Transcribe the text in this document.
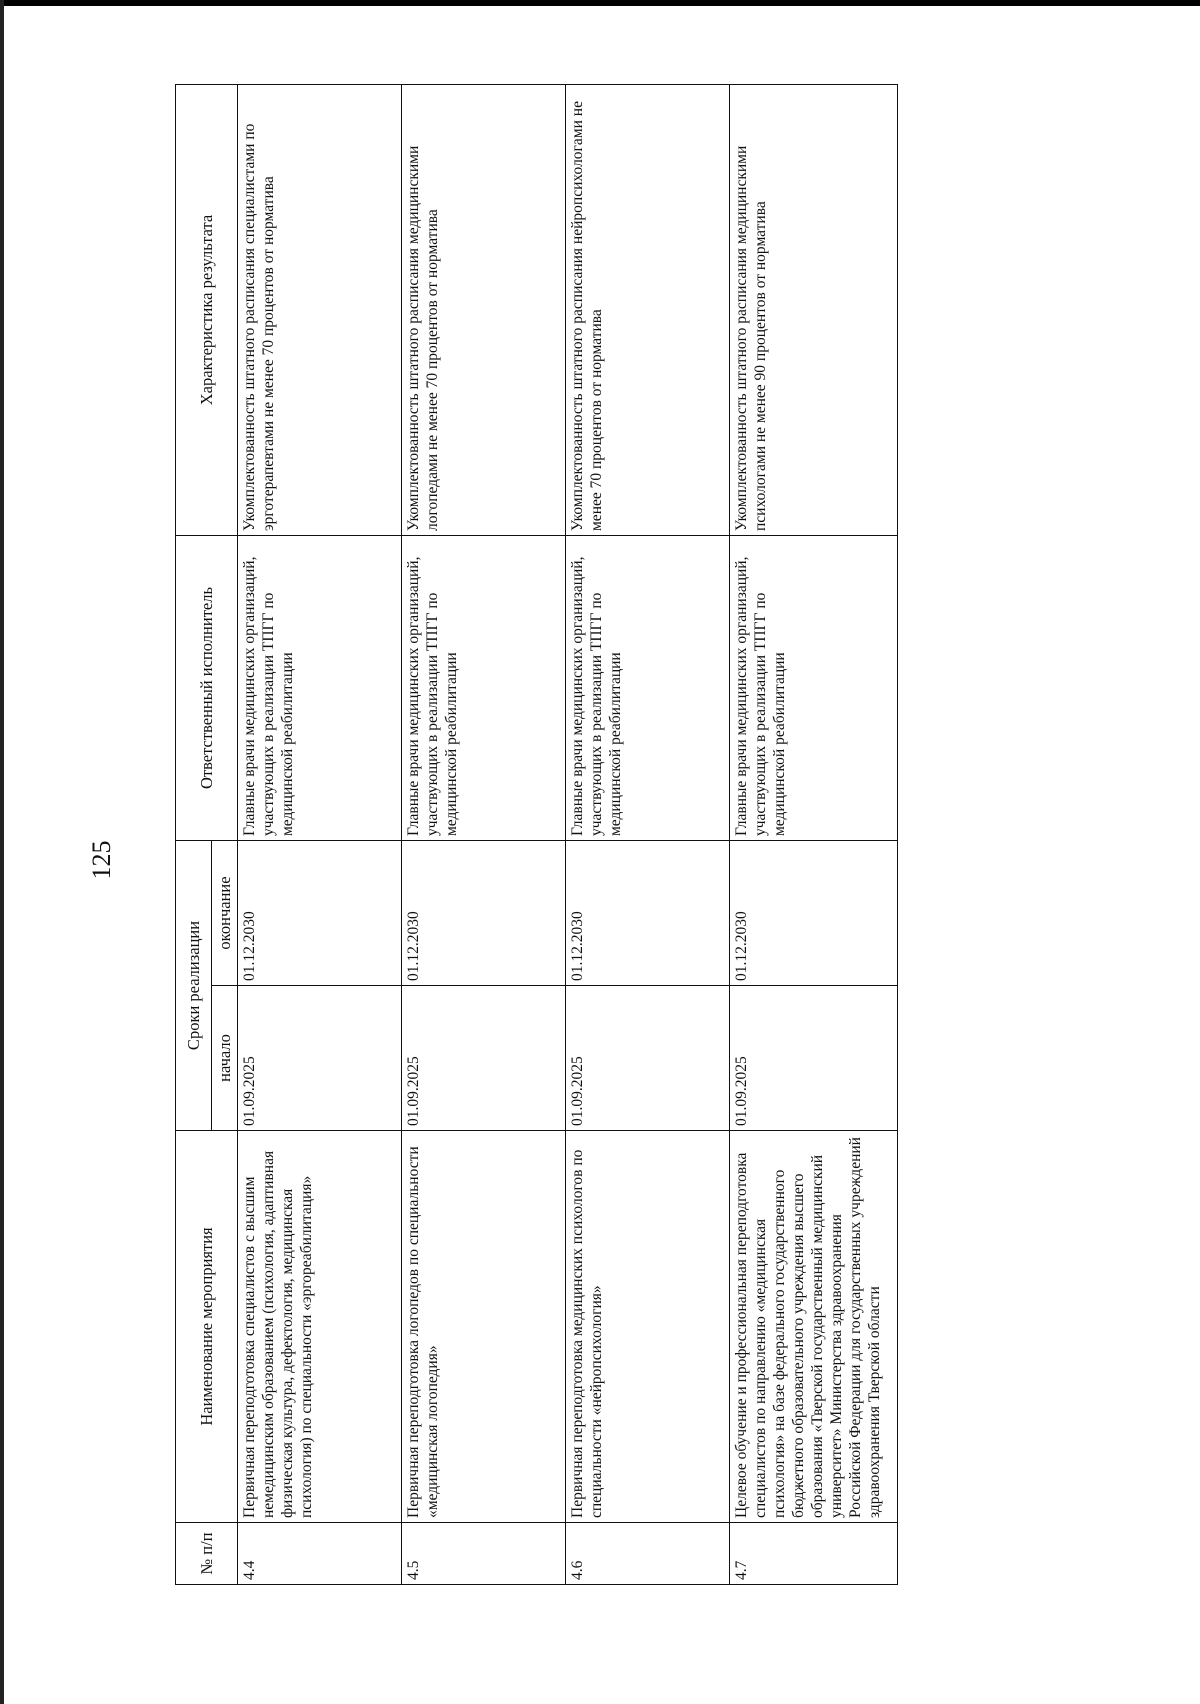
№ п/п	Наименование мероприятия	Сроки реализации		Ответственный исполнитель	Характеристика результата
		начало	окончание		
4.4	Первичная переподготовка специалистов с высшим немедицинским образованием (психология, адаптивная физическая культура, дефектология, медицинская психология) по специальности «эргореабилитация»	01.09.2025	01.12.2030	Главные врачи медицинских организаций, участвующих в реализации ТПГГ по медицинской реабилитации	Укомплектованность штатного расписания специалистами по эрготерапевтами не менее 70 процентов от норматива
4.5	Первичная переподготовка логопедов по специальности «медицинская логопедия»	01.09.2025	01.12.2030	Главные врачи медицинских организаций, участвующих в реализации ТПГГ по медицинской реабилитации	Укомплектованность штатного расписания медицинскими логопедами не менее 70 процентов от норматива
4.6	Первичная переподготовка медицинских психологов по специальности «нейропсихология»	01.09.2025	01.12.2030	Главные врачи медицинских организаций, участвующих в реализации ТПГГ по медицинской реабилитации	Укомплектованность штатного расписания нейропсихологами не менее 70 процентов от норматива
4.7	Целевое обучение и профессиональная переподготовка специалистов по направлению «медицинская психология» на базе федерального государственного бюджетного образовательного учреждения высшего образования «Тверской государственный медицинский университет» Министерства здравоохранения Российской Федерации для государственных учреждений здравоохранения Тверской области	01.09.2025	01.12.2030	Главные врачи медицинских организаций, участвующих в реализации ТПГГ по медицинской реабилитации	Укомплектованность штатного расписания медицинскими психологами не менее 90 процентов от норматива
125
